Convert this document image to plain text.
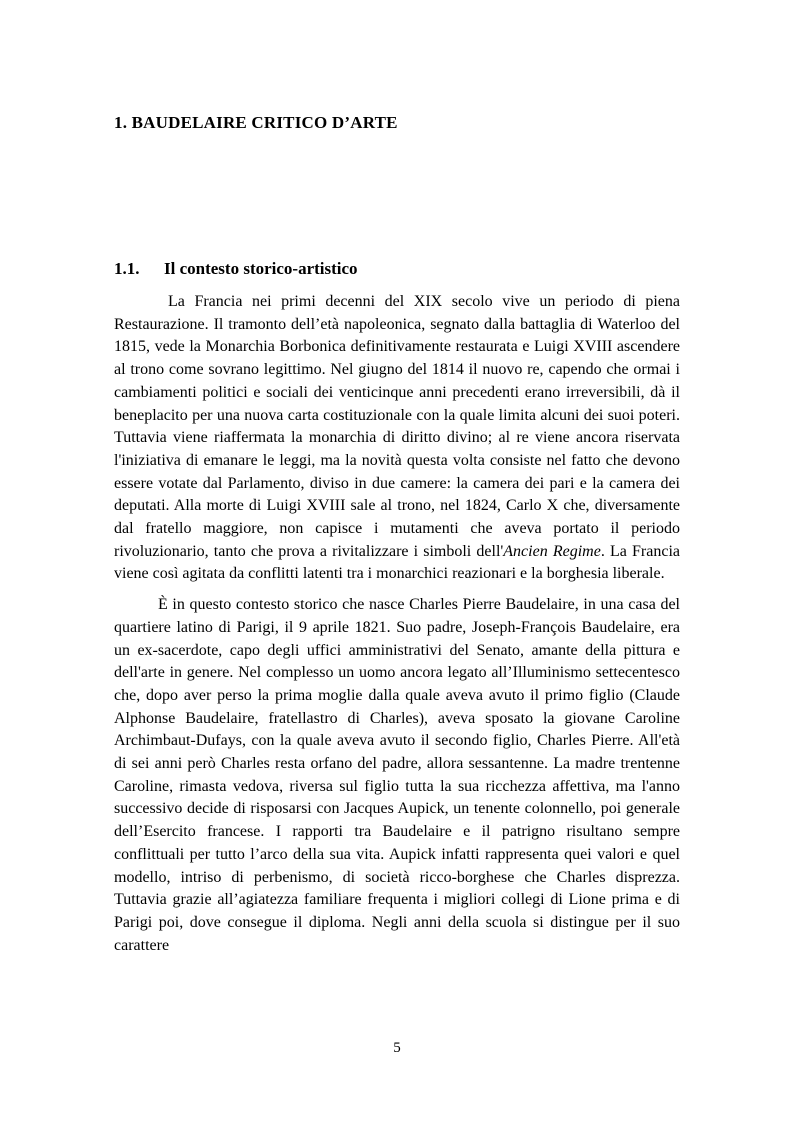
1. BAUDELAIRE CRITICO D’ARTE
1.1. Il contesto storico-artistico

La Francia nei primi decenni del XIX secolo vive un periodo di piena Restaurazione. Il tramonto dell’età napoleonica, segnato dalla battaglia di Waterloo del 1815, vede la Monarchia Borbonica definitivamente restaurata e Luigi XVIII ascendere al trono come sovrano legittimo. Nel giugno del 1814 il nuovo re, capendo che ormai i cambiamenti politici e sociali dei venticinque anni precedenti erano irreversibili, dà il beneplacito per una nuova carta costituzionale con la quale limita alcuni dei suoi poteri. Tuttavia viene riaffermata la monarchia di diritto divino; al re viene ancora riservata l'iniziativa di emanare le leggi, ma la novità questa volta consiste nel fatto che devono essere votate dal Parlamento, diviso in due camere: la camera dei pari e la camera dei deputati. Alla morte di Luigi XVIII sale al trono, nel 1824, Carlo X che, diversamente dal fratello maggiore, non capisce i mutamenti che aveva portato il periodo rivoluzionario, tanto che prova a rivitalizzare i simboli dell'Ancien Regime. La Francia viene così agitata da conflitti latenti tra i monarchici reazionari e la borghesia liberale.

È in questo contesto storico che nasce Charles Pierre Baudelaire, in una casa del quartiere latino di Parigi, il 9 aprile 1821. Suo padre, Joseph-François Baudelaire, era un ex-sacerdote, capo degli uffici amministrativi del Senato, amante della pittura e dell'arte in genere. Nel complesso un uomo ancora legato all’Illuminismo settecentesco che, dopo aver perso la prima moglie dalla quale aveva avuto il primo figlio (Claude Alphonse Baudelaire, fratellastro di Charles), aveva sposato la giovane Caroline Archimbaut-Dufays, con la quale aveva avuto il secondo figlio, Charles Pierre. All'età di sei anni però Charles resta orfano del padre, allora sessantenne. La madre trentenne Caroline, rimasta vedova, riversa sul figlio tutta la sua ricchezza affettiva, ma l'anno successivo decide di risposarsi con Jacques Aupick, un tenente colonnello, poi generale dell’Esercito francese. I rapporti tra Baudelaire e il patrigno risultano sempre conflittuali per tutto l’arco della sua vita. Aupick infatti rappresenta quei valori e quel modello, intriso di perbenismo, di società ricco-borghese che Charles disprezza. Tuttavia grazie all’agiatezza familiare frequenta i migliori collegi di Lione prima e di Parigi poi, dove consegue il diploma. Negli anni della scuola si distingue per il suo carattere

5
